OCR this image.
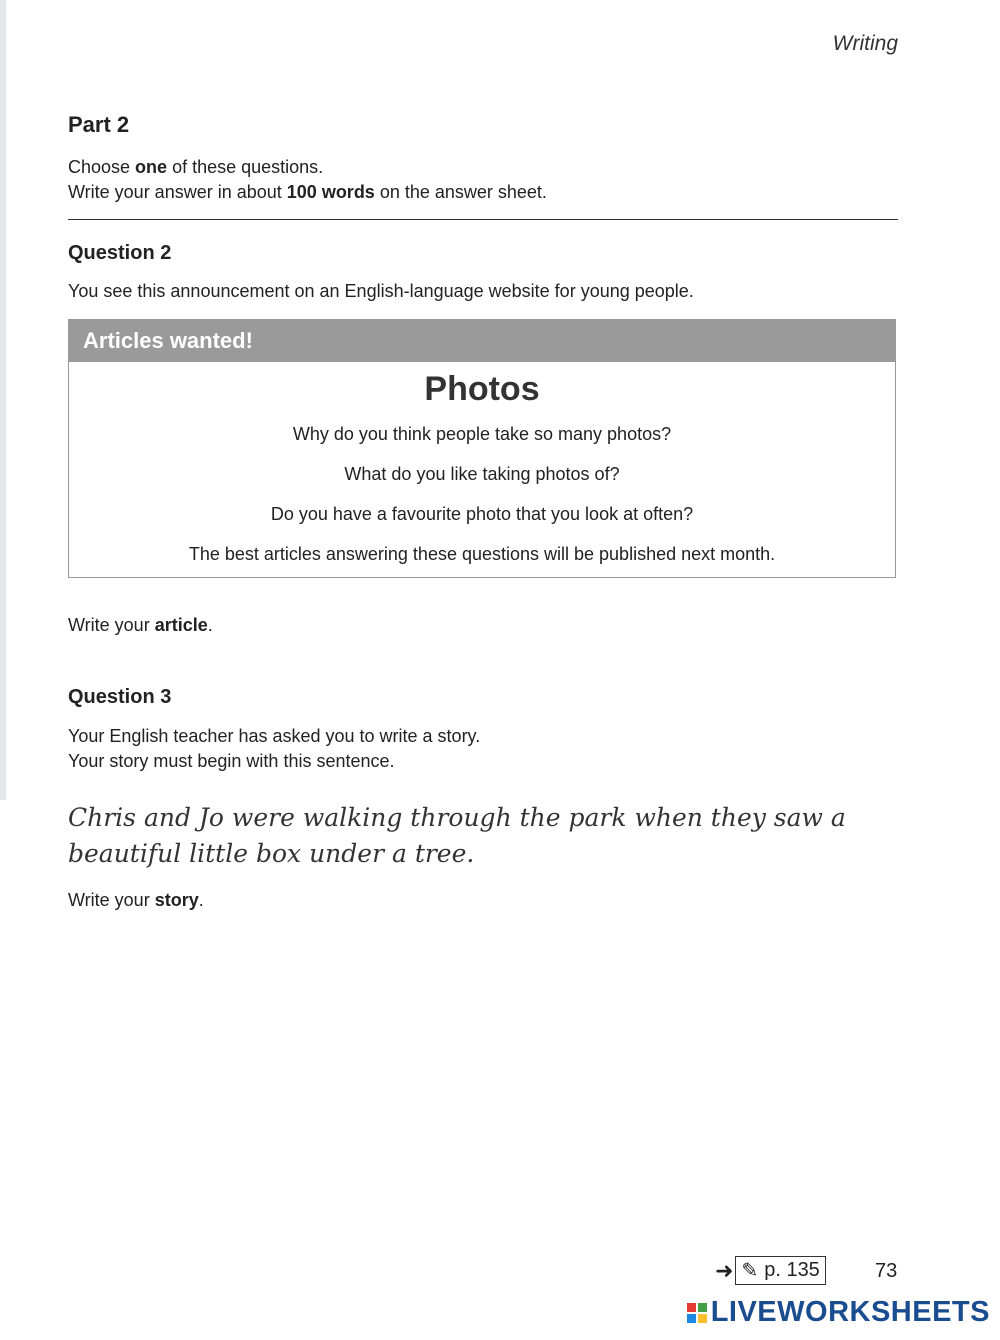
Writing
Part 2
Choose one of these questions.
Write your answer in about 100 words on the answer sheet.
Question 2
You see this announcement on an English-language website for young people.
Articles wanted!
Photos
Why do you think people take so many photos?
What do you like taking photos of?
Do you have a favourite photo that you look at often?
The best articles answering these questions will be published next month.
Write your article.
Question 3
Your English teacher has asked you to write a story.
Your story must begin with this sentence.
Chris and Jo were walking through the park when they saw a beautiful little box under a tree.
Write your story.
➜ ✎ p. 135	73
LIVEWORKSHEETS
